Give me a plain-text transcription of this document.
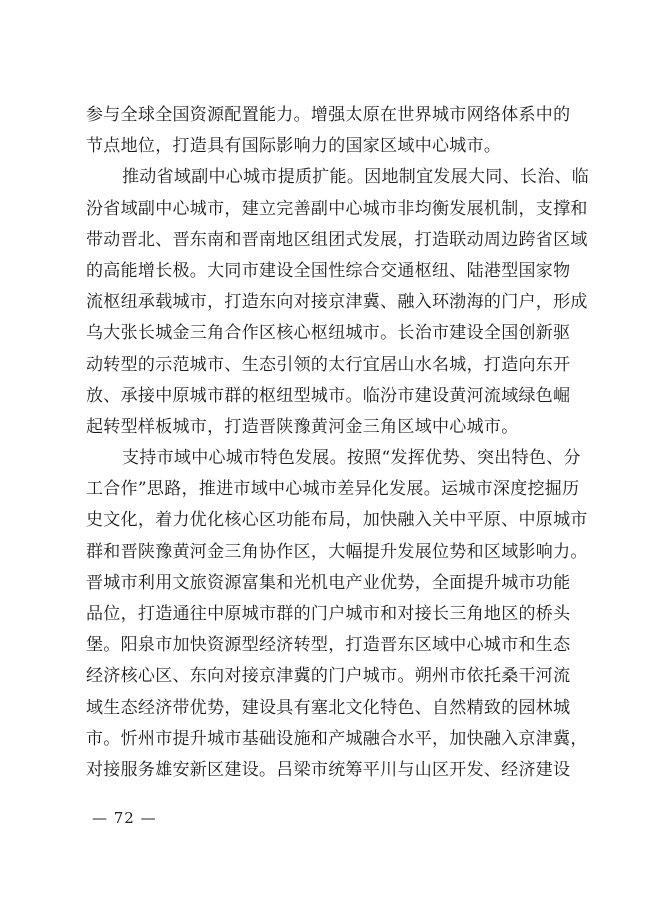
参与全球全国资源配置能力。增强太原在世界城市网络体系中的
节点地位，打造具有国际影响力的国家区域中心城市。
推动省域副中心城市提质扩能。因地制宜发展大同、长治、临
汾省域副中心城市，建立完善副中心城市非均衡发展机制，支撑和
带动晋北、晋东南和晋南地区组团式发展，打造联动周边跨省区域
的高能增长极。大同市建设全国性综合交通枢纽、陆港型国家物
流枢纽承载城市，打造东向对接京津冀、融入环渤海的门户，形成
乌大张长城金三角合作区核心枢纽城市。长治市建设全国创新驱
动转型的示范城市、生态引领的太行宜居山水名城，打造向东开
放、承接中原城市群的枢纽型城市。临汾市建设黄河流域绿色崛
起转型样板城市，打造晋陕豫黄河金三角区域中心城市。
支持市域中心城市特色发展。按照“发挥优势、突出特色、分
工合作”思路，推进市域中心城市差异化发展。运城市深度挖掘历
史文化，着力优化核心区功能布局，加快融入关中平原、中原城市
群和晋陕豫黄河金三角协作区，大幅提升发展位势和区域影响力。
晋城市利用文旅资源富集和光机电产业优势，全面提升城市功能
品位，打造通往中原城市群的门户城市和对接长三角地区的桥头
堡。阳泉市加快资源型经济转型，打造晋东区域中心城市和生态
经济核心区、东向对接京津冀的门户城市。朔州市依托桑干河流
域生态经济带优势，建设具有塞北文化特色、自然精致的园林城
市。忻州市提升城市基础设施和产城融合水平，加快融入京津冀，
对接服务雄安新区建设。吕梁市统筹平川与山区开发、经济建设
— 72 —
